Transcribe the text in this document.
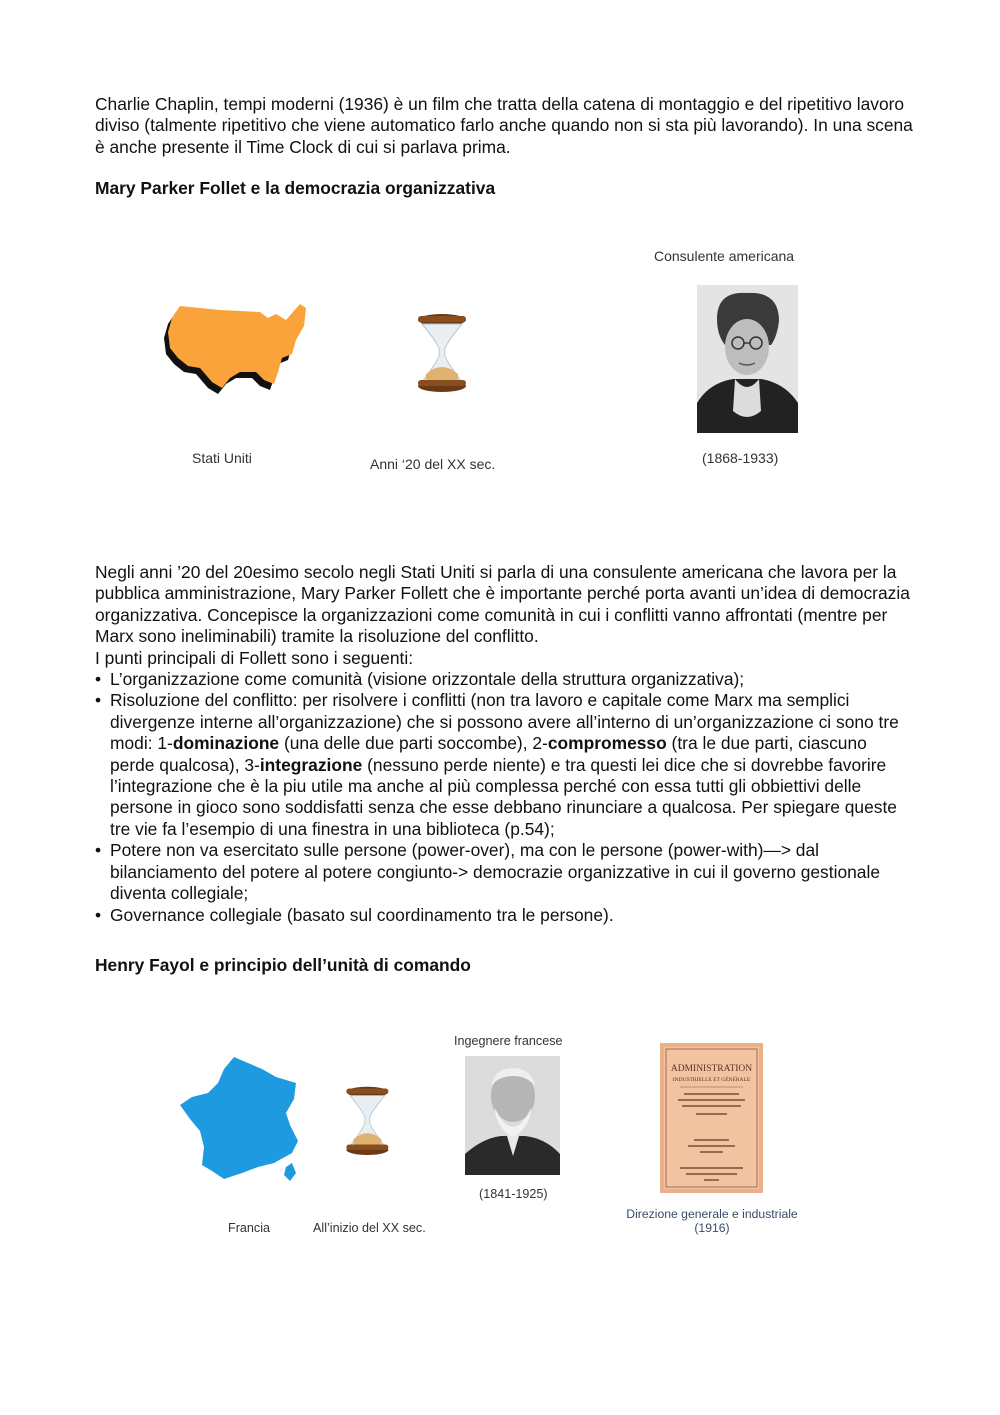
Charlie Chaplin, tempi moderni (1936) è un film che tratta della catena di montaggio e del ripetitivo lavoro diviso (talmente ripetitivo che viene automatico farlo anche quando non si sta più lavorando). In una scena è anche presente il Time Clock di cui si parlava prima.

Mary Parker Follet e la democrazia organizzativa
Consulente americana
Stati Uniti	Anni ‘20 del XX sec.	(1868-1933)

Negli anni ’20 del 20esimo secolo negli Stati Uniti si parla di una consulente americana che lavora per la pubblica amministrazione, Mary Parker Follett che è importante perché porta avanti un’idea di democrazia organizzativa. Concepisce la organizzazioni come comunità in cui i conflitti vanno affrontati (mentre per Marx sono ineliminabili) tramite la risoluzione del conflitto.

I punti principali di Follett sono i seguenti:

• L’organizzazione come comunità (visione orizzontale della struttura organizzativa);
• Risoluzione del conflitto: per risolvere i conflitti (non tra lavoro e capitale come Marx ma semplici divergenze interne all’organizzazione) che si possono avere all’interno di un’organizzazione ci sono tre modi: 1-dominazione (una delle due parti soccombe), 2-compromesso (tra le due parti, ciascuno perde qualcosa), 3-integrazione (nessuno perde niente) e tra questi lei dice che si dovrebbe favorire l’integrazione che è la piu utile ma anche al più complessa perché con essa tutti gli obbiettivi delle persone in gioco sono soddisfatti senza che esse debbano rinunciare a qualcosa. Per spiegare queste tre vie fa l’esempio di una finestra in una biblioteca (p.54);
• Potere non va esercitato sulle persone (power-over), ma con le persone (power-with)—> dal bilanciamento del potere al potere congiunto-> democrazie organizzative in cui il governo gestionale diventa collegiale;
• Governance collegiale (basato sul coordinamento tra le persone).
Henry Fayol e principio dell’unità di comando
Ingegnere francese
ADMINISTRATION
INDUSTRIELLE ET GÉNÉRALE
Francia	All’inizio del XX sec.
(1841-1925)
Direzione generale e industriale
(1916)
